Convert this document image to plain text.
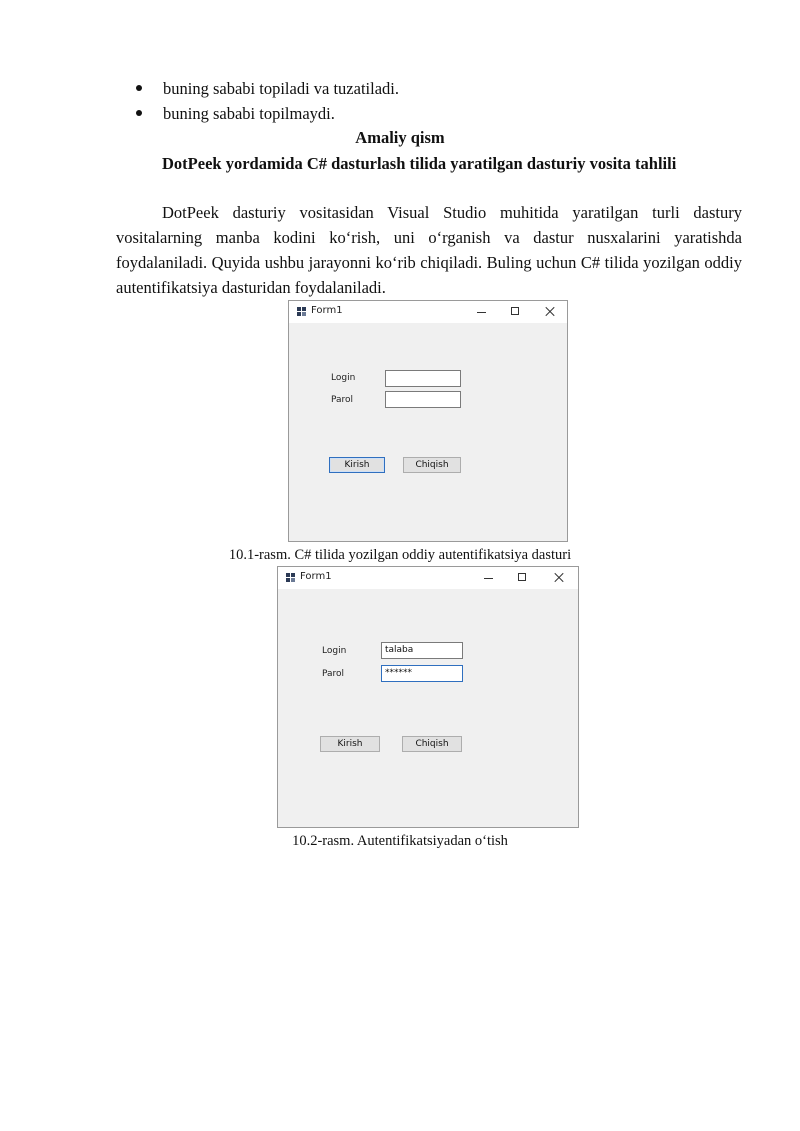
buning sababi topiladi va tuzatiladi.
buning sababi topilmaydi.
Amaliy qism

DotPeek yordamida C# dasturlash tilida yaratilgan dasturiy vosita tahlili

DotPeek dasturiy vositasidan Visual Studio muhitida yaratilgan turli dastury vositalarning manba kodini ko‘rish, uni o‘rganish va dastur nusxalarini yaratishda foydalaniladi. Quyida ushbu jarayonni ko‘rib chiqiladi. Buling uchun C# tilida yozilgan oddiy autentifikatsiya dasturidan foydalaniladi.

Form1
Login
Parol
Kirish	Chiqish
10.1-rasm. C# tilida yozilgan oddiy autentifikatsiya dasturi
Form1
Login	talaba
Parol	******
Kirish	Chiqish
10.2-rasm. Autentifikatsiyadan o‘tish
